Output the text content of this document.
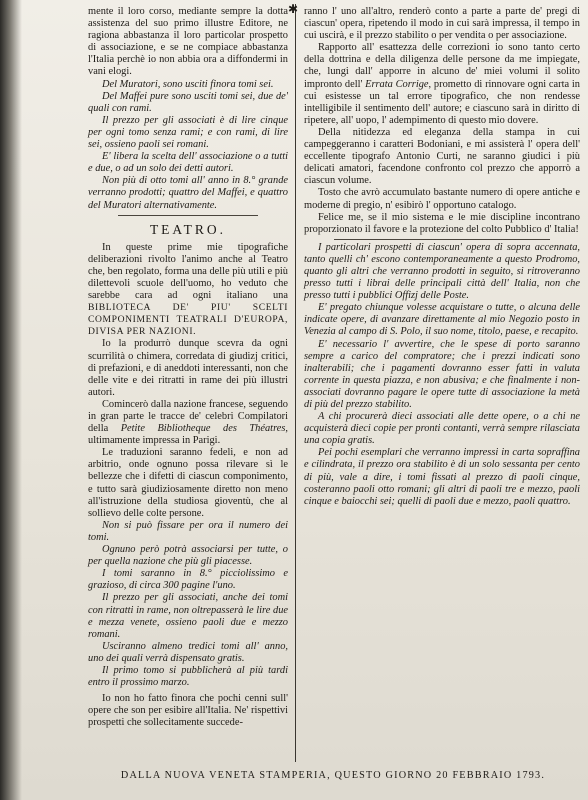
✱

mente il loro corso, mediante sempre la dotta assistenza del suo primo illustre Editore, ne ragiona abbastanza il loro particolar prospetto di associazione, e se ne compiace abbastanza l'Italia perchè io non abbia ora a diffondermi in vani elogi.

Del Muratori, sono usciti finora tomi sei.

Del Maffei pure sono usciti tomi sei, due de' quali con rami.

Il prezzo per gli associati è di lire cinque per ogni tomo senza rami; e con rami, di lire sei, ossieno paoli sei romani.

E' libera la scelta dell' associazione o a tutti e due, o ad un solo dei detti autori.

Non più di otto tomi all' anno in 8.° grande verranno prodotti; quattro del Maffei, e quattro del Muratori alternativamente.

TEATRO.

In queste prime mie tipografiche deliberazioni rivolto l'animo anche al Teatro che, ben regolato, forma una delle più utili e più dilettevoli scuole dell'uomo, ho veduto che sarebbe cara ad ogni italiano una BIBLIOTECA DE' PIU' SCELTI COMPONIMENTI TEATRALI D'EUROPA, DIVISA PER NAZIONI.

Io la produrrò dunque scevra da ogni scurrilità o chimera, corredata di giudizj critici, di prefazioni, e di aneddoti interessanti, non che delle vite e dei ritratti in rame dei più illustri autori.

Comincerò dalla nazione francese, seguendo in gran parte le tracce de' celebri Compilatori della Petite Bibliotheque des Théatres, ultimamente impressa in Parigi.

Le traduzioni saranno fedeli, e non ad arbitrio, onde ognuno possa rilevare sì le bellezze che i difetti di ciascun componimento, e tutto sarà giudiziosamente diretto non meno all'istruzione della studiosa gioventù, che al sollievo delle colte persone.

Non si può fissare per ora il numero dei tomi.

Ognuno però potrà associarsi per tutte, o per quella nazione che più gli piacesse.

I tomi saranno in 8.° picciolissimo e grazioso, di circa 300 pagine l'uno.

Il prezzo per gli associati, anche dei tomi con ritratti in rame, non oltrepasserà le lire due e mezza venete, ossieno paoli due e mezzo romani.

Usciranno almeno tredici tomi all' anno, uno dei quali verrà dispensato gratis.

Il primo tomo si pubblicherà al più tardi entro il prossimo marzo.

Io non ho fatto finora che pochi cenni sull' opere che son per esibire all'Italia. Ne' rispettivi prospetti che sollecitamente succede-

ranno l' uno all'altro, renderò conto a parte a parte de' pregi di ciascun' opera, ripetendo il modo in cui sarà impressa, il tempo in cui uscirà, e il prezzo stabilito o per vendita o per associazione.

Rapporto all' esattezza delle correzioni io sono tanto certo della dottrina e della diligenza delle persone da me impiegate, che, lungi dall' apporre in alcuno de' miei volumi il solito impronto dell' Errata Corrige, prometto di rinnovare ogni carta in cui esistesse un tal errore tipografico, che non rendesse intelligibile il sentimento dell' autore; e ciascuno sarà in diritto di ripetere, all' uopo, l' adempimento di questo mio dovere.

Della nitidezza ed eleganza della stampa in cui campeggeranno i caratteri Bodoniani, e mi assisterà l' opera dell' eccellente tipografo Antonio Curti, ne saranno giudici i più delicati amatori, facendone confronto col prezzo che apporrò a ciascun volume.

Tosto che avrò accumulato bastante numero di opere antiche e moderne di pregio, n' esibirò l' opportuno catalogo.

Felice me, se il mio sistema e le mie discipline incontrano proporzionato il favore e la protezione del colto Pubblico d' Italia!

I particolari prospetti di ciascun' opera di sopra accennata, tanto quelli ch' escono contemporaneamente a questo Prodromo, quanto gli altri che verranno prodotti in seguito, si ritroveranno presso tutti i librai delle principali città dell' Italia, non che presso tutti i pubblici Offizj delle Poste.

E' pregato chiunque volesse acquistare o tutte, o alcuna delle indicate opere, di avanzare direttamente al mio Negozio posto in Venezia al campo di S. Polo, il suo nome, titolo, paese, e recapito.

E' necessario l' avvertire, che le spese di porto saranno sempre a carico del compratore; che i prezzi indicati sono inalterabili; che i pagamenti dovranno esser fatti in valuta corrente in questa piazza, e non abusiva; e che finalmente i non-associati dovranno pagare le opere tutte di associazione la metà di più del prezzo stabilito.

A chi procurerà dieci associati alle dette opere, o a chi ne acquisterà dieci copie per pronti contanti, verrà sempre rilasciata una copia gratis.

Pei pochi esemplari che verranno impressi in carta sopraffina e cilindrata, il prezzo ora stabilito è di un solo sessanta per cento di più, vale a dire, i tomi fissati al prezzo di paoli cinque, costeranno paoli otto romani; gli altri di paoli tre e mezzo, paoli cinque e baiocchi sei; quelli di paoli due e mezzo, paoli quattro.

DALLA NUOVA VENETA STAMPERIA, QUESTO GIORNO 20 FEBBRAIO 1793.
